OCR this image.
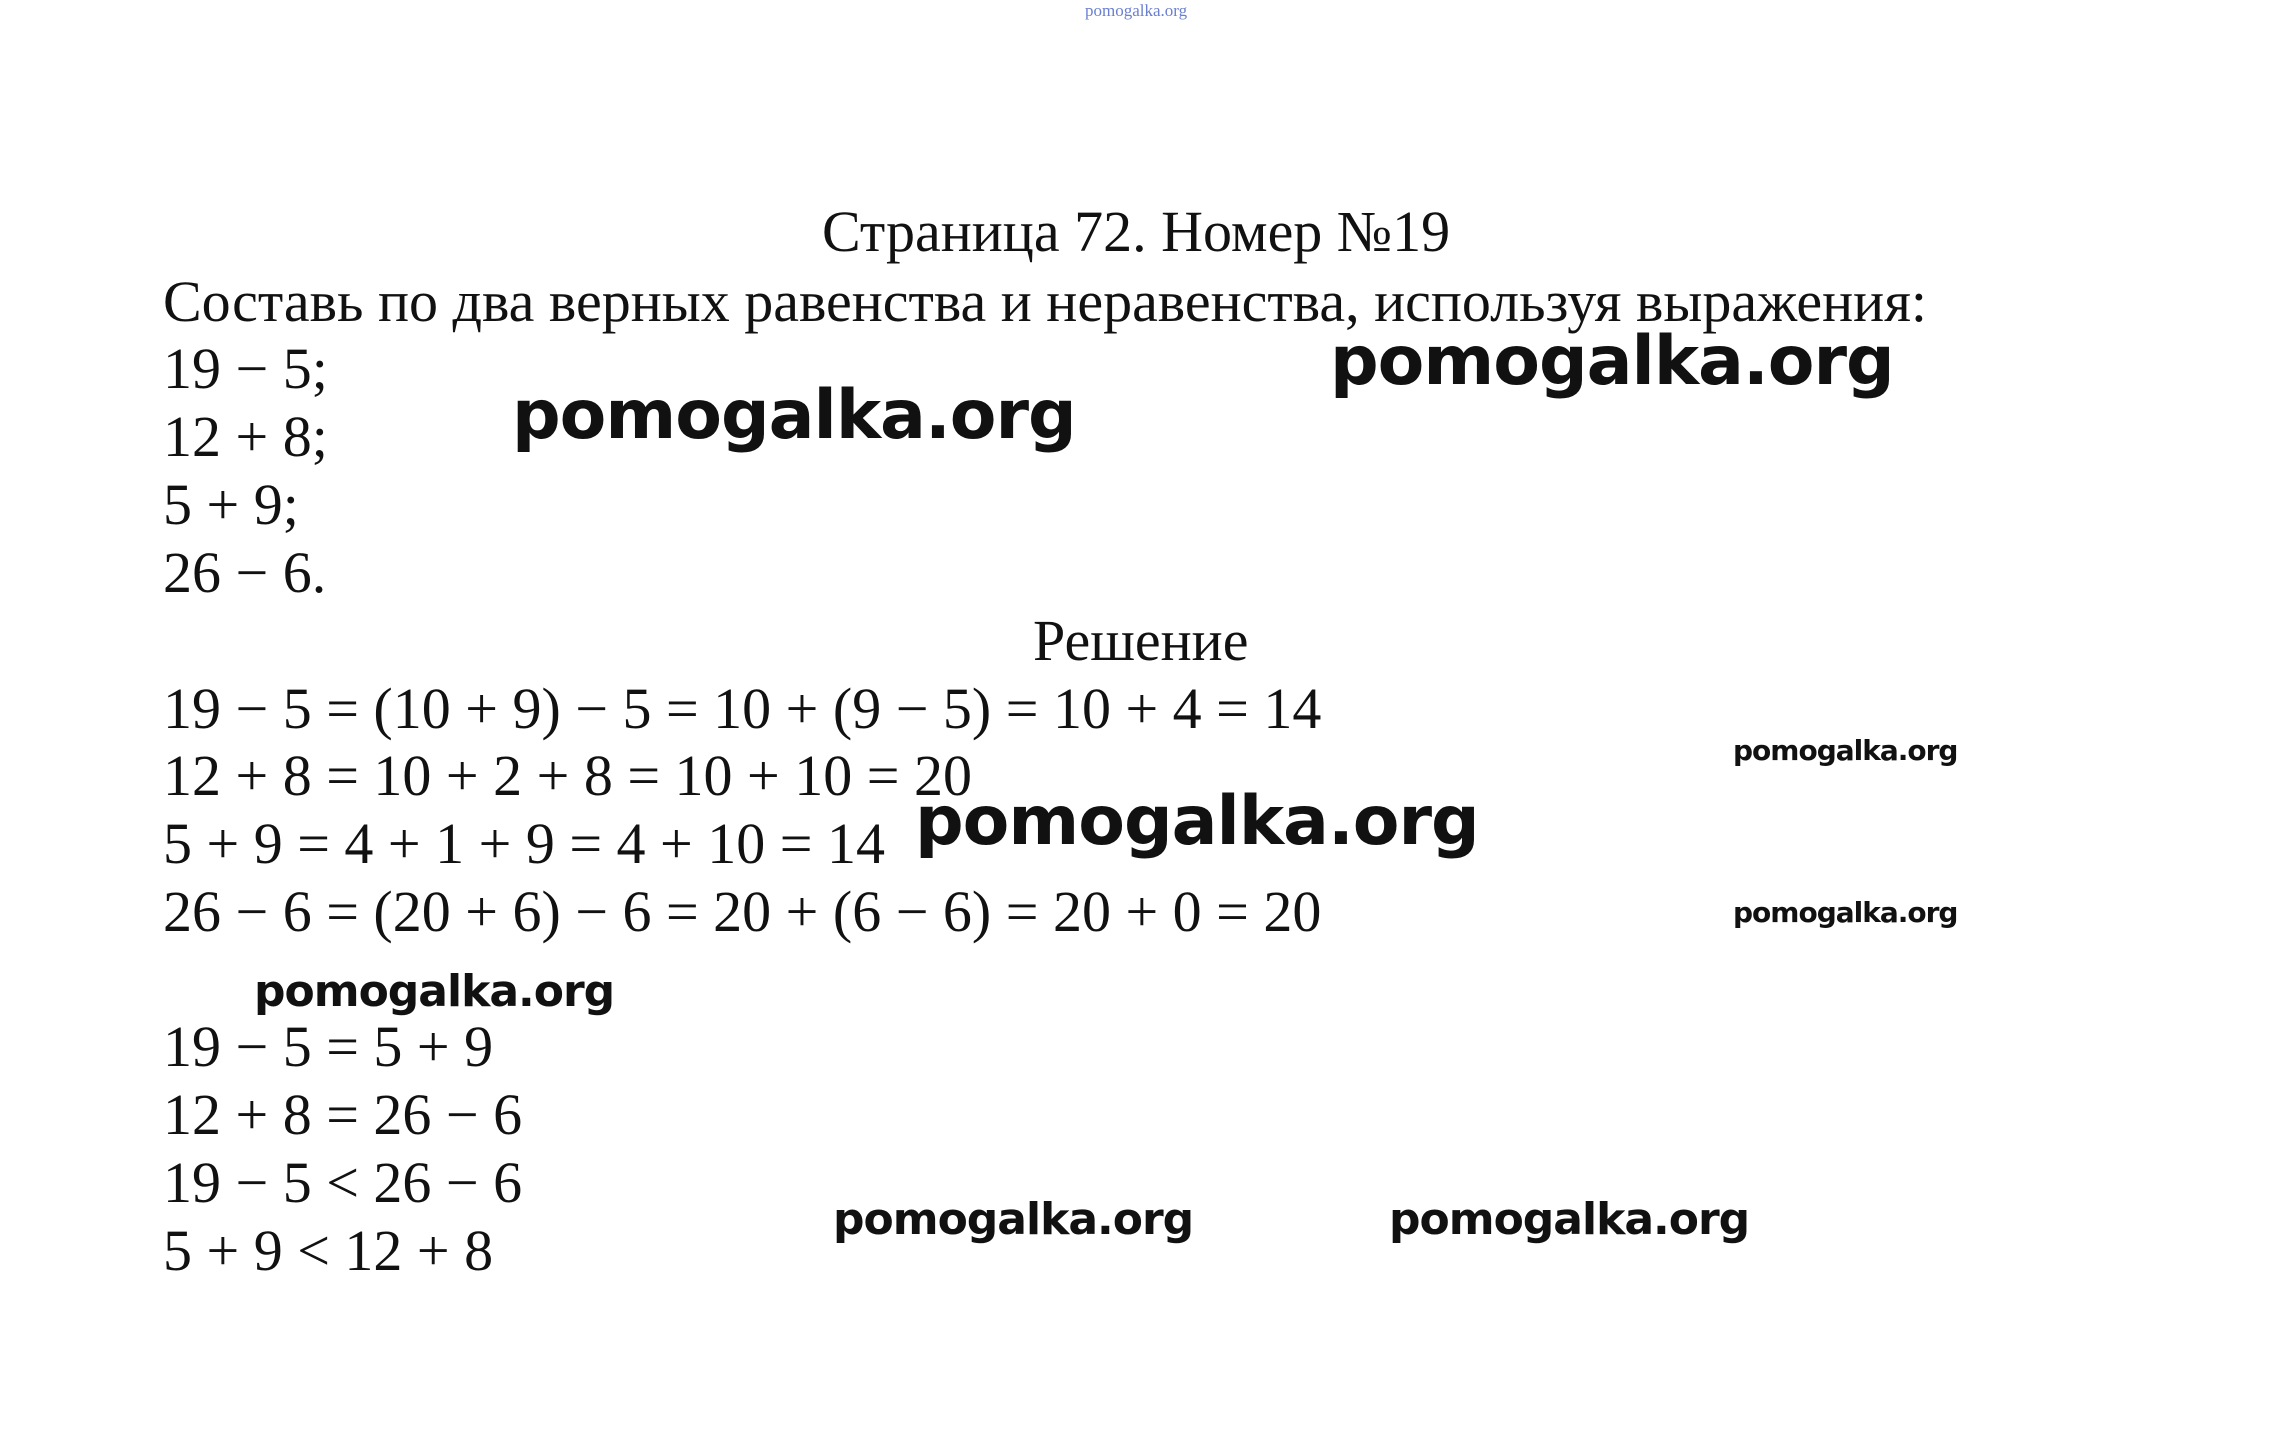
pomogalka.org
Страница 72. Номер №19
Составь по два верных равенства и неравенства, используя выражения:
19 − 5;
12 + 8;
5 + 9;
26 − 6.
Решение
19 − 5 = (10 + 9) − 5 = 10 + (9 − 5) = 10 + 4 = 14
12 + 8 = 10 + 2 + 8 = 10 + 10 = 20
5 + 9 = 4 + 1 + 9 = 4 + 10 = 14
26 − 6 = (20 + 6) − 6 = 20 + (6 − 6) = 20 + 0 = 20
19 − 5 = 5 + 9
12 + 8 = 26 − 6
19 − 5 < 26 − 6
5 + 9 < 12 + 8
pomogalka.org
pomogalka.org
pomogalka.org
pomogalka.org
pomogalka.org
pomogalka.org
pomogalka.org	pomogalka.org
